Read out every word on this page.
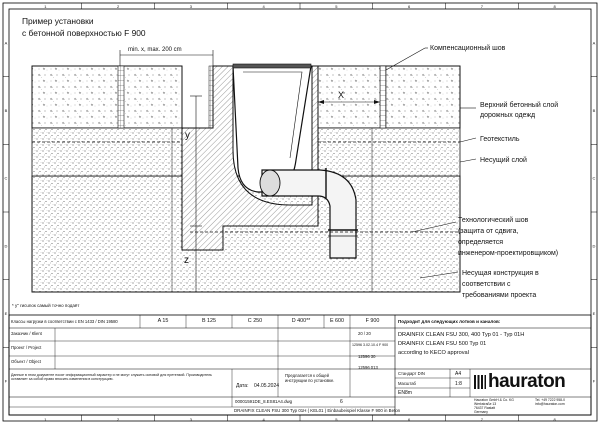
1
1
2
2
3
3
4
4
5
5
6
6
7
7
8
8
A	A
B	B
C	C
D	D
E	E
F	F
Пример установки
с бетонной поверхностью F 900
min. x, max. 200 cm
X
y
z
Компенсационный шов
Верхний бетонный слой
дорожных одежд
Геотекстиль
Несущий слой
Технологический шов
(защита от сдвига,
определяется
инженером-проектировщиком)
Несущая конструкция в
соответствии с
требованиями проекта
* y" rисunок самый точно подаёт
Классы нагрузки в соответствии с EN 1433 / DIN 19580	A 15	B 125	C 250	D 400**	E 600	F 900	Подходит для следующих лотков и каналов:
DRAINFIX CLEAN FSU 300, 400 Typ 01 - Typ 01H
DRAINFIX CLEAN FSU 500 Typ 01
according to KECO approval
Заказчик / Кlient
Проект / Project
Объект / Object
20 / 20
12596 3.02.10.4 F 900
12596 30
12596 013
Предлагается к общей инструкции по установке.
Дата: 04.05.2024
00001591DE_8.ES81A4.dwg	6
Стандарт DIN	A4
Масштаб	1:8
EN8m
hauraton
Hauraton GmbH & Co. KG
Werkstraße 13
76437 Rastatt
Germany
Tel. +49 7222 958-0
info@hauraton.com
Данные в этом документе носят информационный характер и не могут служить основой для претензий. Производитель оставляет за собой право вносить изменения в конструкцию.
DRAINFIX CLEAN FSU 300 Typ 01H ( KEL01 ) Einbaubeispiel Klasse F 900 in Beton
